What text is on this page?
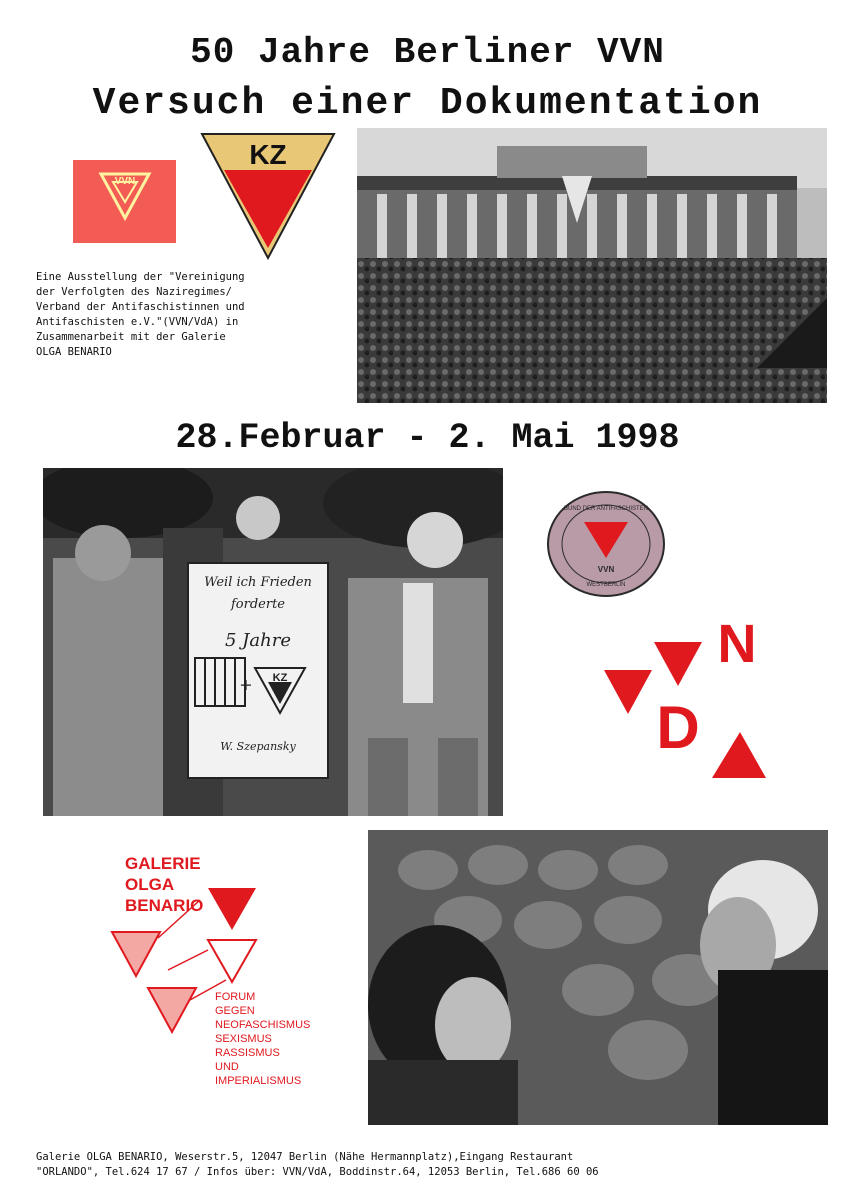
50 Jahre Berliner VVN
Versuch einer Dokumentation
VVN
KZ
Eine Ausstellung der "Vereinigung
der Verfolgten des Naziregimes/
Verband der Antifaschistinnen und
Antifaschisten e.V."(VVN/VdA) in
Zusammenarbeit mit der Galerie
OLGA BENARIO
28.Februar - 2. Mai 1998
+
Weil ich Frieden
forderte
5 Jahre
KZ
W. Szepansky
BUND DER ANTIFASCHISTEN
VVN
WESTBERLIN
N
D
GALERIE
OLGA
BENARIO
FORUM
GEGEN
NEOFASCHISMUS
SEXISMUS
RASSISMUS
UND
IMPERIALISMUS
Galerie OLGA BENARIO, Weserstr.5, 12047 Berlin (Nähe Hermannplatz),Eingang Restaurant
"ORLANDO", Tel.624 17 67 / Infos über: VVN/VdA, Boddinstr.64, 12053 Berlin, Tel.686 60 06
